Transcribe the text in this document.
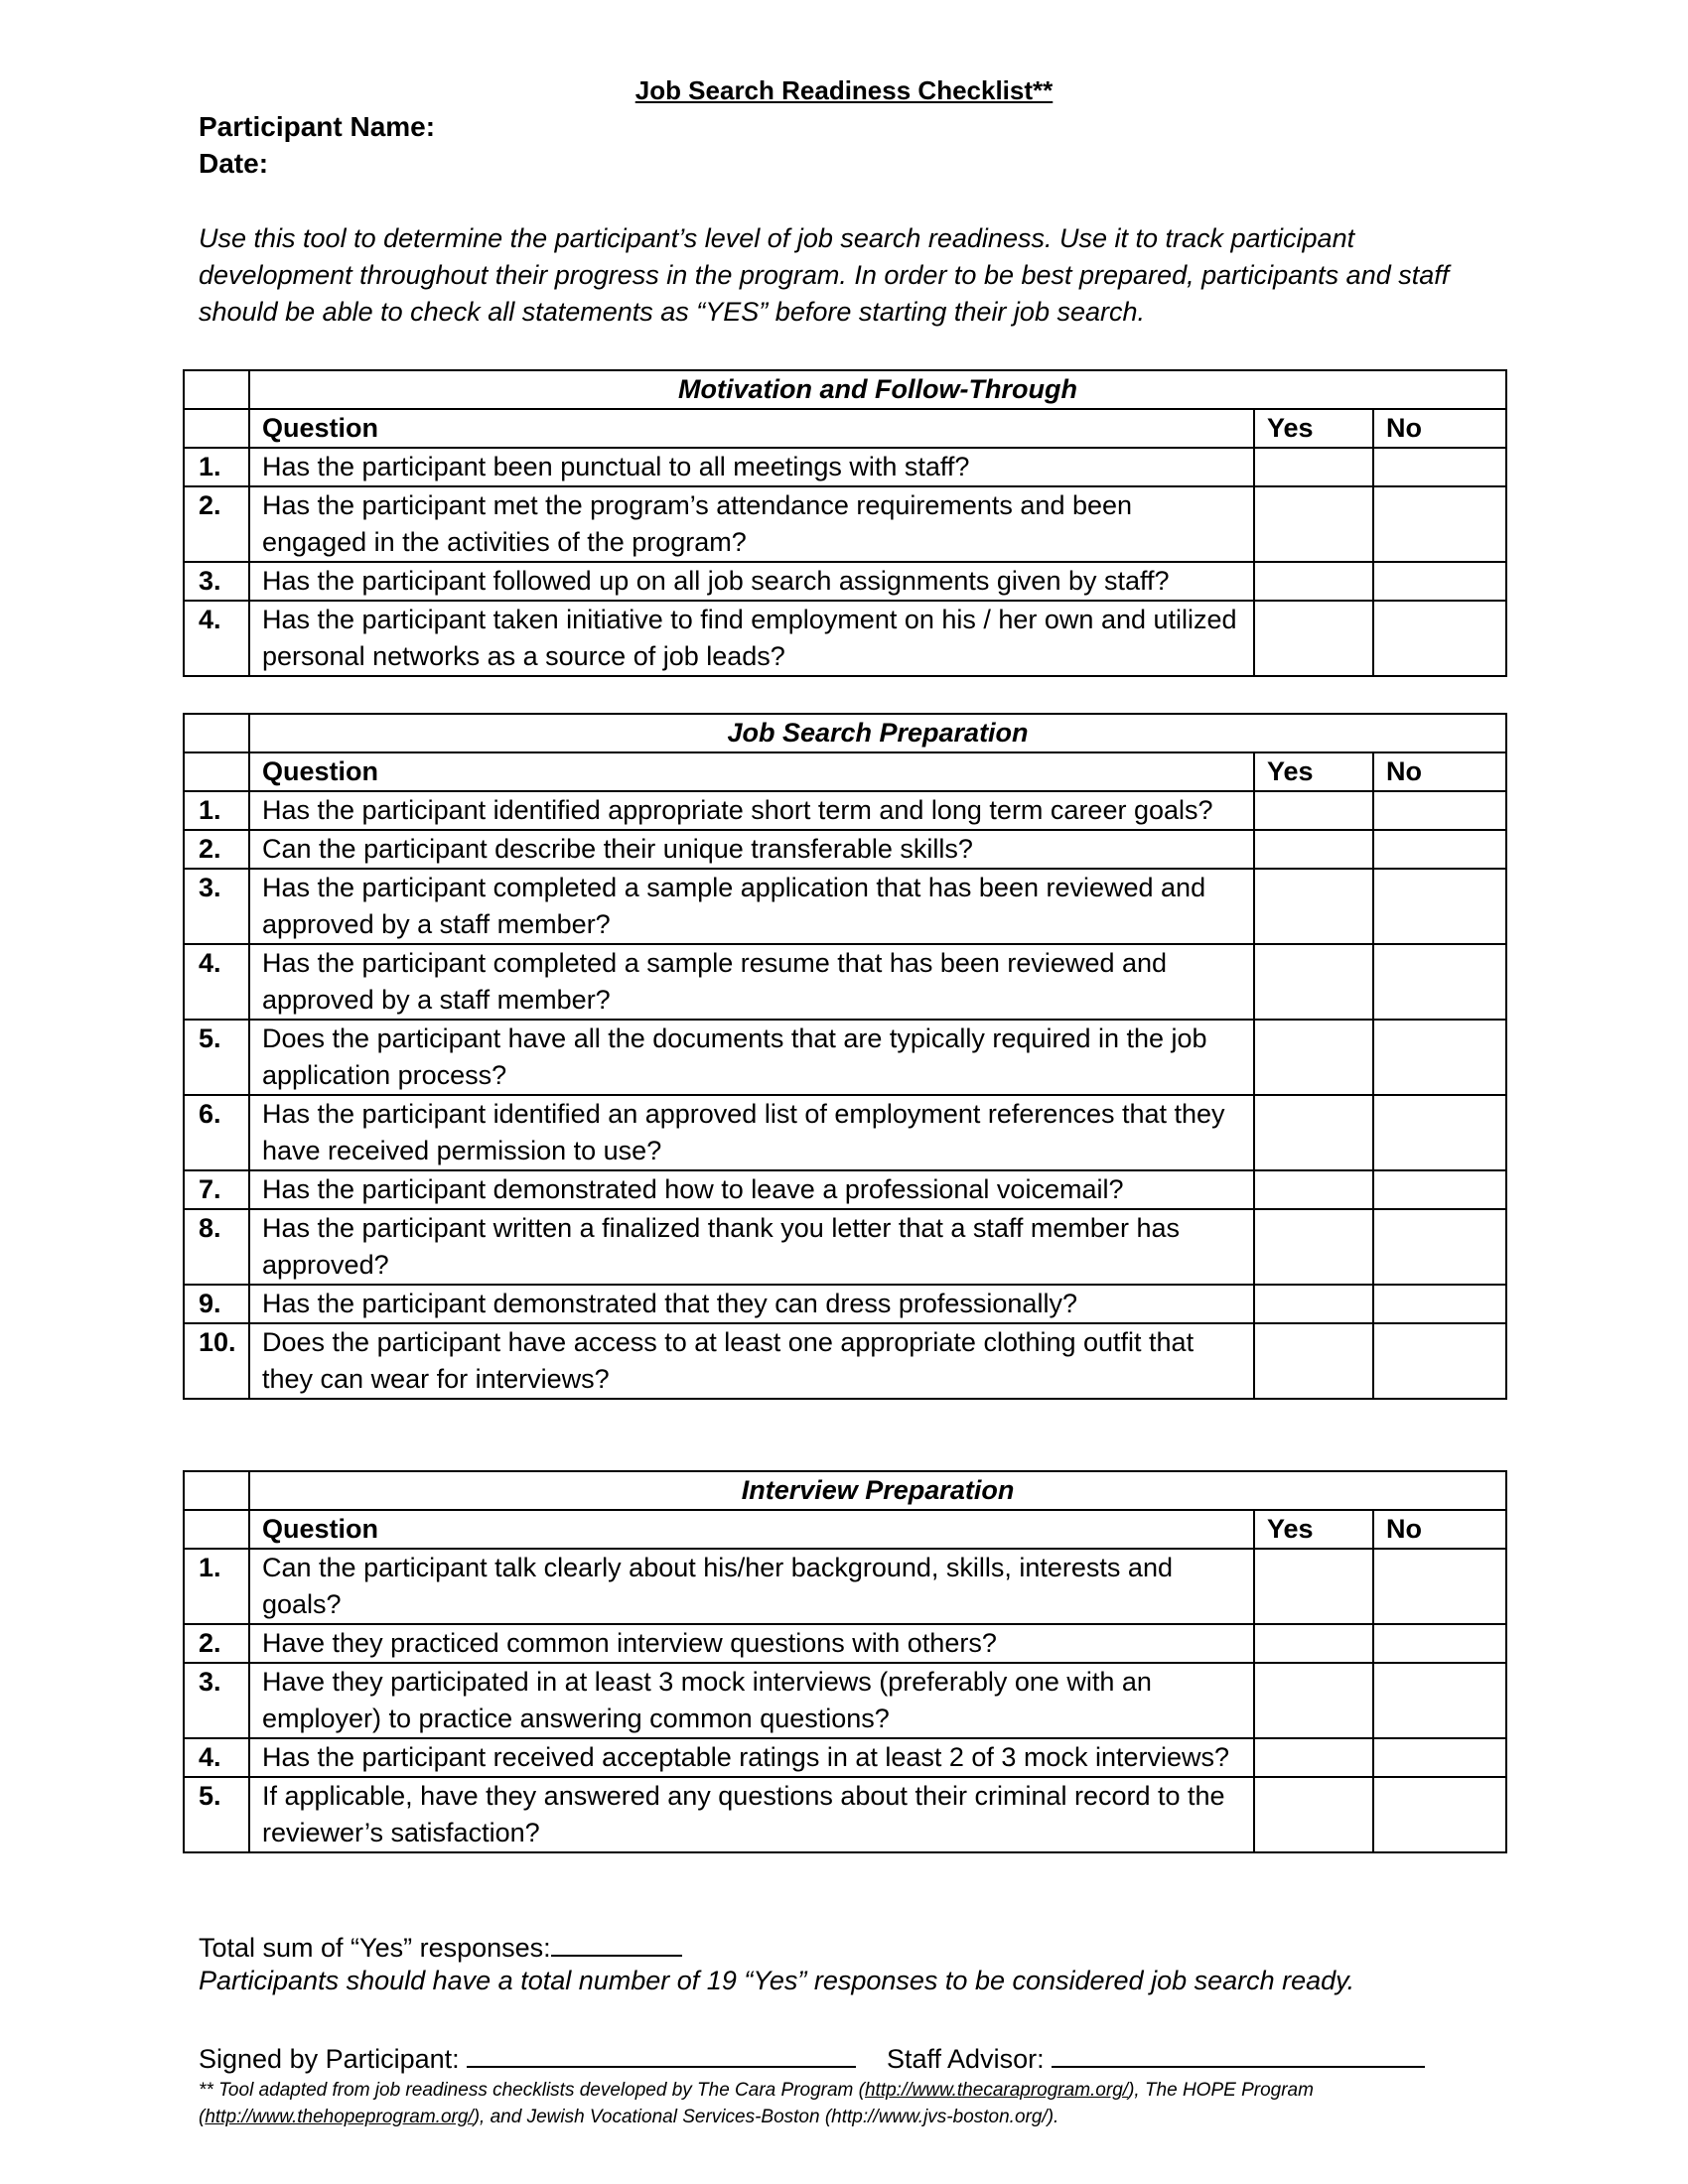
Job Search Readiness Checklist**
Participant Name:
Date:
Use this tool to determine the participant’s level of job search readiness. Use it to track participant development throughout their progress in the program. In order to be best prepared, participants and staff should be able to check all statements as “YES” before starting their job search.
	Motivation and Follow-Through		
	Question	Yes	No
1.	Has the participant been punctual to all meetings with staff?		
2.	Has the participant met the program’s attendance requirements and been engaged in the activities of the program?		
3.	Has the participant followed up on all job search assignments given by staff?		
4.	Has the participant taken initiative to find employment on his / her own and utilized personal networks as a source of job leads?		
	Job Search Preparation		
	Question	Yes	No
1.	Has the participant identified appropriate short term and long term career goals?		
2.	Can the participant describe their unique transferable skills?		
3.	Has the participant completed a sample application that has been reviewed and approved by a staff member?		
4.	Has the participant completed a sample resume that has been reviewed and approved by a staff member?		
5.	Does the participant have all the documents that are typically required in the job application process?		
6.	Has the participant identified an approved list of employment references that they have received permission to use?		
7.	Has the participant demonstrated how to leave a professional voicemail?		
8.	Has the participant written a finalized thank you letter that a staff member has approved?		
9.	Has the participant demonstrated that they can dress professionally?		
10.	Does the participant have access to at least one appropriate clothing outfit that they can wear for interviews?		
	Interview Preparation		
	Question	Yes	No
1.	Can the participant talk clearly about his/her background, skills, interests and goals?		
2.	Have they practiced common interview questions with others?		
3.	Have they participated in at least 3 mock interviews (preferably one with an employer) to practice answering common questions?		
4.	Has the participant received acceptable ratings in at least 2 of 3 mock interviews?		
5.	If applicable, have they answered any questions about their criminal record to the reviewer’s satisfaction?		
Total sum of “Yes” responses:
Participants should have a total number of 19 “Yes” responses to be considered job search ready.
Signed by Participant:	Staff Advisor:
** Tool adapted from job readiness checklists developed by The Cara Program (http://www.thecaraprogram.org/), The HOPE Program (http://www.thehopeprogram.org/), and Jewish Vocational Services-Boston (http://www.jvs-boston.org/).
